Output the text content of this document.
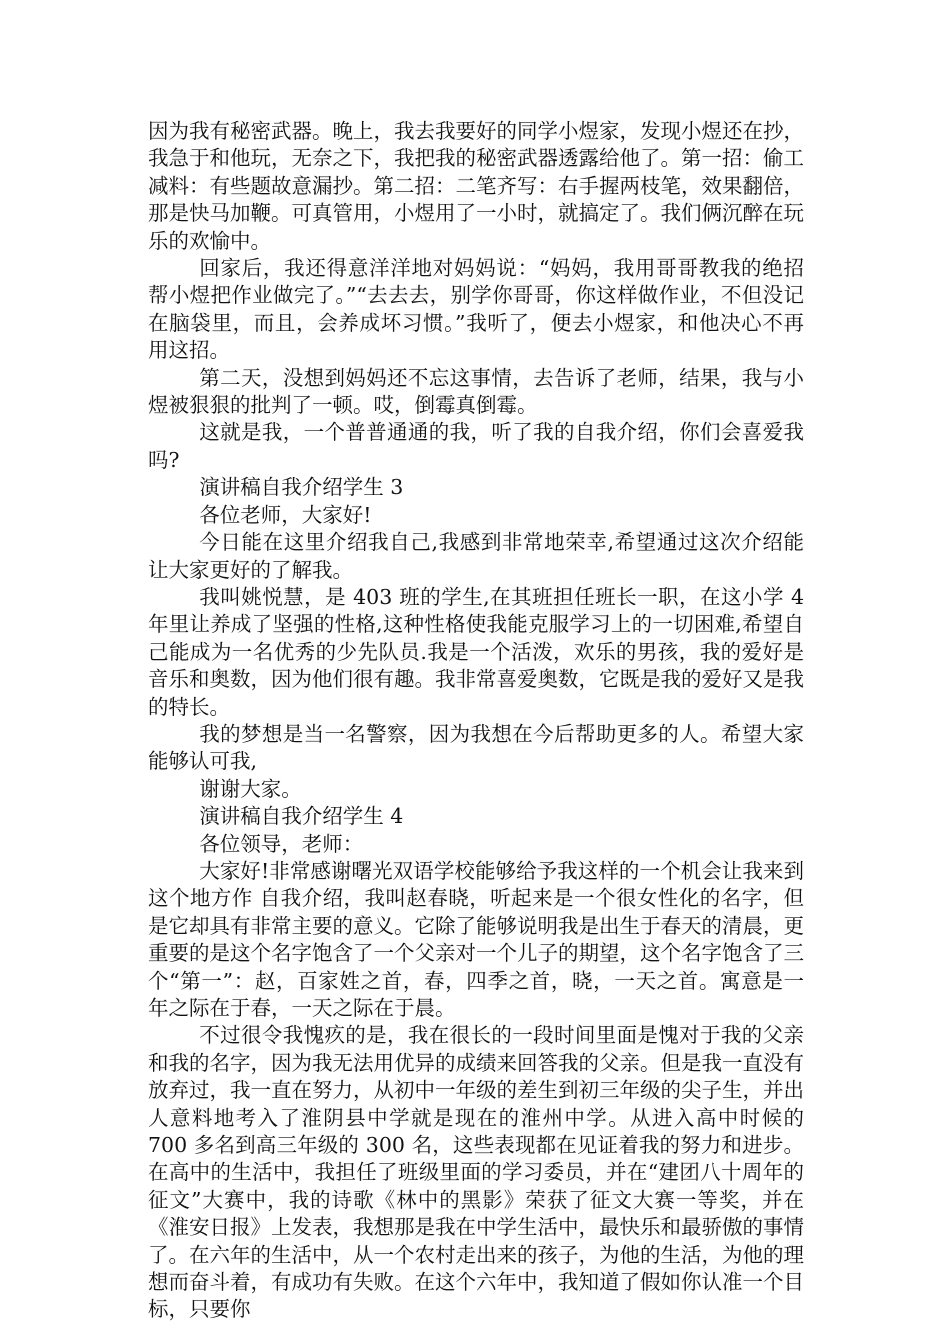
因为我有秘密武器。晚上，我去我要好的同学小煜家，发现小煜还在抄，我急于和他玩，无奈之下，我把我的秘密武器透露给他了。第一招：偷工减料：有些题故意漏抄。第二招：二笔齐写：右手握两枝笔，效果翻倍，那是快马加鞭。可真管用，小煜用了一小时，就搞定了。我们俩沉醉在玩乐的欢愉中。

回家后，我还得意洋洋地对妈妈说：“妈妈，我用哥哥教我的绝招帮小煜把作业做完了。”“去去去，别学你哥哥，你这样做作业，不但没记在脑袋里，而且，会养成坏习惯。”我听了，便去小煜家，和他决心不再用这招。

第二天，没想到妈妈还不忘这事情，去告诉了老师，结果，我与小煜被狠狠的批判了一顿。哎，倒霉真倒霉。

这就是我，一个普普通通的我，听了我的自我介绍，你们会喜爱我吗?

演讲稿自我介绍学生 3

各位老师，大家好!

今日能在这里介绍我自己,我感到非常地荣幸,希望通过这次介绍能让大家更好的了解我。

我叫姚悦慧，是 403 班的学生,在其班担任班长一职，在这小学 4 年里让养成了坚强的性格,这种性格使我能克服学习上的一切困难,希望自己能成为一名优秀的少先队员.我是一个活泼，欢乐的男孩，我的爱好是音乐和奥数，因为他们很有趣。我非常喜爱奥数，它既是我的爱好又是我的特长。

我的梦想是当一名警察，因为我想在今后帮助更多的人。希望大家能够认可我,

谢谢大家。

演讲稿自我介绍学生 4

各位领导，老师：

大家好!非常感谢曙光双语学校能够给予我这样的一个机会让我来到这个地方作 自我介绍，我叫赵春晓，听起来是一个很女性化的名字，但是它却具有非常主要的意义。它除了能够说明我是出生于春天的清晨，更重要的是这个名字饱含了一个父亲对一个儿子的期望，这个名字饱含了三个“第一”：赵，百家姓之首，春，四季之首，晓，一天之首。寓意是一年之际在于春，一天之际在于晨。

不过很令我愧疚的是，我在很长的一段时间里面是愧对于我的父亲和我的名字，因为我无法用优异的成绩来回答我的父亲。但是我一直没有放弃过，我一直在努力，从初中一年级的差生到初三年级的尖子生，并出人意料地考入了淮阴县中学就是现在的淮州中学。从进入高中时候的 700 多名到高三年级的 300 名，这些表现都在见证着我的努力和进步。在高中的生活中，我担任了班级里面的学习委员，并在“建团八十周年的征文”大赛中，我的诗歌《林中的黑影》荣获了征文大赛一等奖，并在《淮安日报》上发表，我想那是我在中学生活中，最快乐和最骄傲的事情了。在六年的生活中，从一个农村走出来的孩子，为他的生活，为他的理想而奋斗着，有成功有失败。在这个六年中，我知道了假如你认准一个目标，只要你
